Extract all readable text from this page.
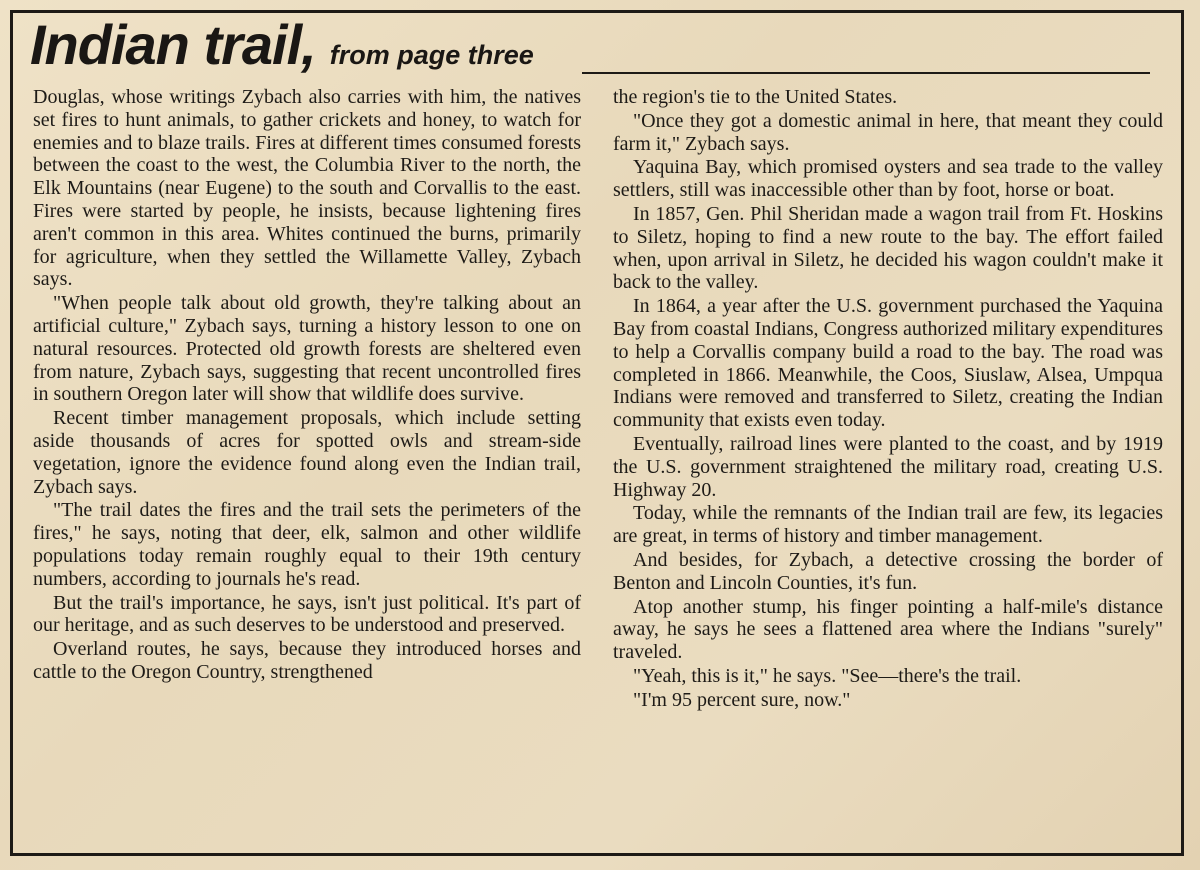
Indian trail, from page three

Douglas, whose writings Zybach also carries with him, the natives set fires to hunt animals, to gather crickets and honey, to watch for enemies and to blaze trails. Fires at different times consumed forests between the coast to the west, the Columbia River to the north, the Elk Mountains (near Eugene) to the south and Corvallis to the east. Fires were started by people, he insists, because lightening fires aren't common in this area. Whites continued the burns, primarily for agriculture, when they settled the Willamette Valley, Zybach says.

"When people talk about old growth, they're talking about an artificial culture," Zybach says, turning a history lesson to one on natural resources. Protected old growth forests are sheltered even from nature, Zybach says, suggesting that recent uncontrolled fires in southern Oregon later will show that wildlife does survive.

Recent timber management proposals, which include setting aside thousands of acres for spotted owls and stream-side vegetation, ignore the evidence found along even the Indian trail, Zybach says.

"The trail dates the fires and the trail sets the perimeters of the fires," he says, noting that deer, elk, salmon and other wildlife populations today remain roughly equal to their 19th century numbers, according to journals he's read.

But the trail's importance, he says, isn't just political. It's part of our heritage, and as such deserves to be understood and preserved.

Overland routes, he says, because they introduced horses and cattle to the Oregon Country, strengthened

the region's tie to the United States.

"Once they got a domestic animal in here, that meant they could farm it," Zybach says.

Yaquina Bay, which promised oysters and sea trade to the valley settlers, still was inaccessible other than by foot, horse or boat.

In 1857, Gen. Phil Sheridan made a wagon trail from Ft. Hoskins to Siletz, hoping to find a new route to the bay. The effort failed when, upon arrival in Siletz, he decided his wagon couldn't make it back to the valley.

In 1864, a year after the U.S. government purchased the Yaquina Bay from coastal Indians, Congress authorized military expenditures to help a Corvallis company build a road to the bay. The road was completed in 1866. Meanwhile, the Coos, Siuslaw, Alsea, Umpqua Indians were removed and transferred to Siletz, creating the Indian community that exists even today.

Eventually, railroad lines were planted to the coast, and by 1919 the U.S. government straightened the military road, creating U.S. Highway 20.

Today, while the remnants of the Indian trail are few, its legacies are great, in terms of history and timber management.

And besides, for Zybach, a detective crossing the border of Benton and Lincoln Counties, it's fun.

Atop another stump, his finger pointing a half-mile's distance away, he says he sees a flattened area where the Indians "surely" traveled.

"Yeah, this is it," he says. "See—there's the trail.

"I'm 95 percent sure, now."
